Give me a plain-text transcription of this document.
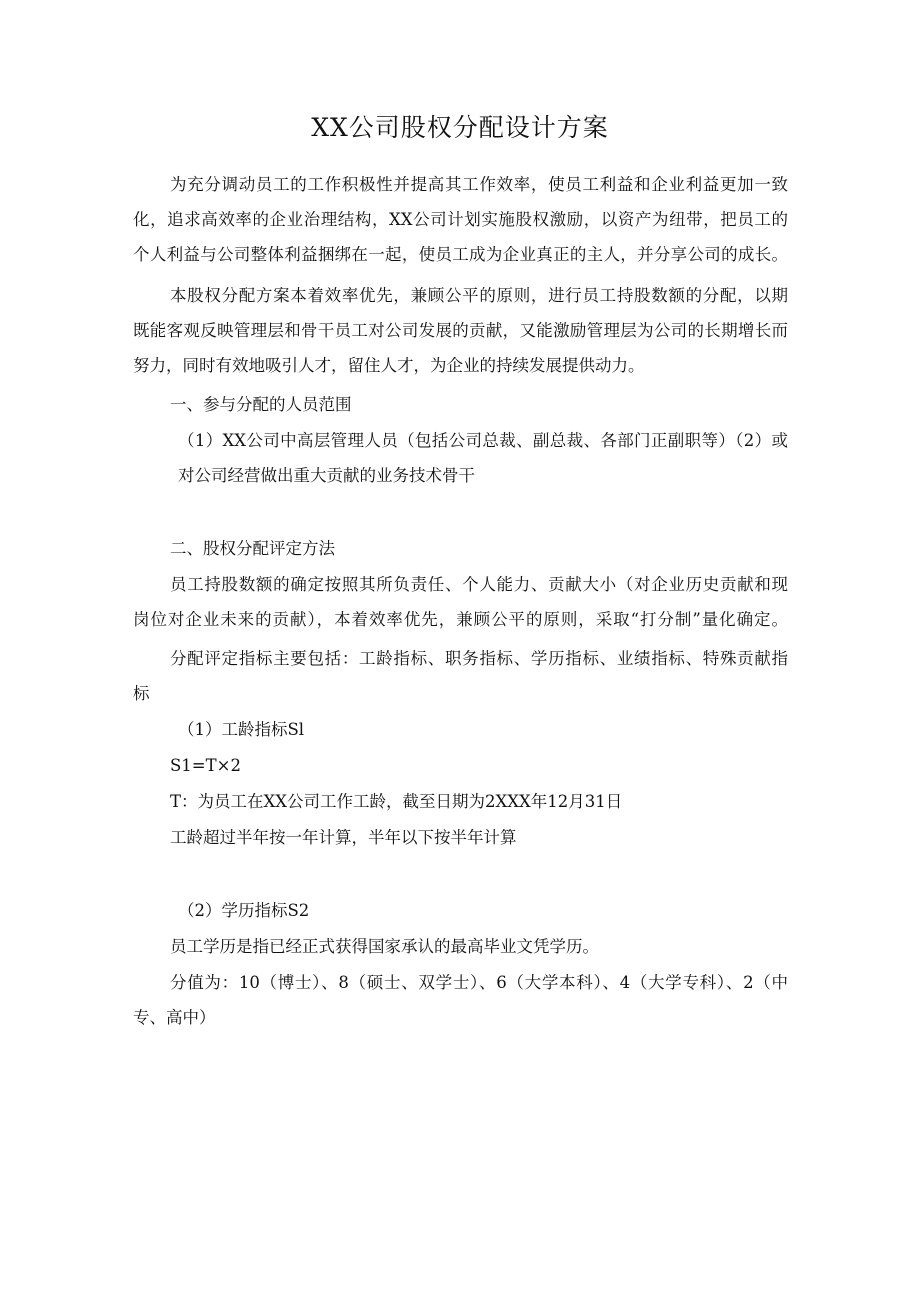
XX公司股权分配设计方案
为充分调动员工的工作积极性并提高其工作效率，使员工利益和企业利益更加一致
化，追求高效率的企业治理结构，XX公司计划实施股权激励，以资产为纽带，把员工的
个人利益与公司整体利益捆绑在一起，使员工成为企业真正的主人，并分享公司的成长。
本股权分配方案本着效率优先，兼顾公平的原则，进行员工持股数额的分配，以期
既能客观反映管理层和骨干员工对公司发展的贡献，又能激励管理层为公司的长期增长而
努力，同时有效地吸引人才，留住人才，为企业的持续发展提供动力。
一、参与分配的人员范围
（1）XX公司中高层管理人员（包括公司总裁、副总裁、各部门正副职等）（2）或
对公司经营做出重大贡献的业务技术骨干
二、股权分配评定方法
员工持股数额的确定按照其所负责任、个人能力、贡献大小（对企业历史贡献和现
岗位对企业未来的贡献），本着效率优先，兼顾公平的原则，采取“打分制”量化确定。
分配评定指标主要包括：工龄指标、职务指标、学历指标、业绩指标、特殊贡献指
标
（1）工龄指标Sl
S1=T×2
T：为员工在XX公司工作工龄，截至日期为2XXX年12月31日
工龄超过半年按一年计算，半年以下按半年计算
（2）学历指标S2
员工学历是指已经正式获得国家承认的最高毕业文凭学历。
分值为：10（博士）、8（硕士、双学士）、6（大学本科）、4（大学专科）、2（中
专、高中）
